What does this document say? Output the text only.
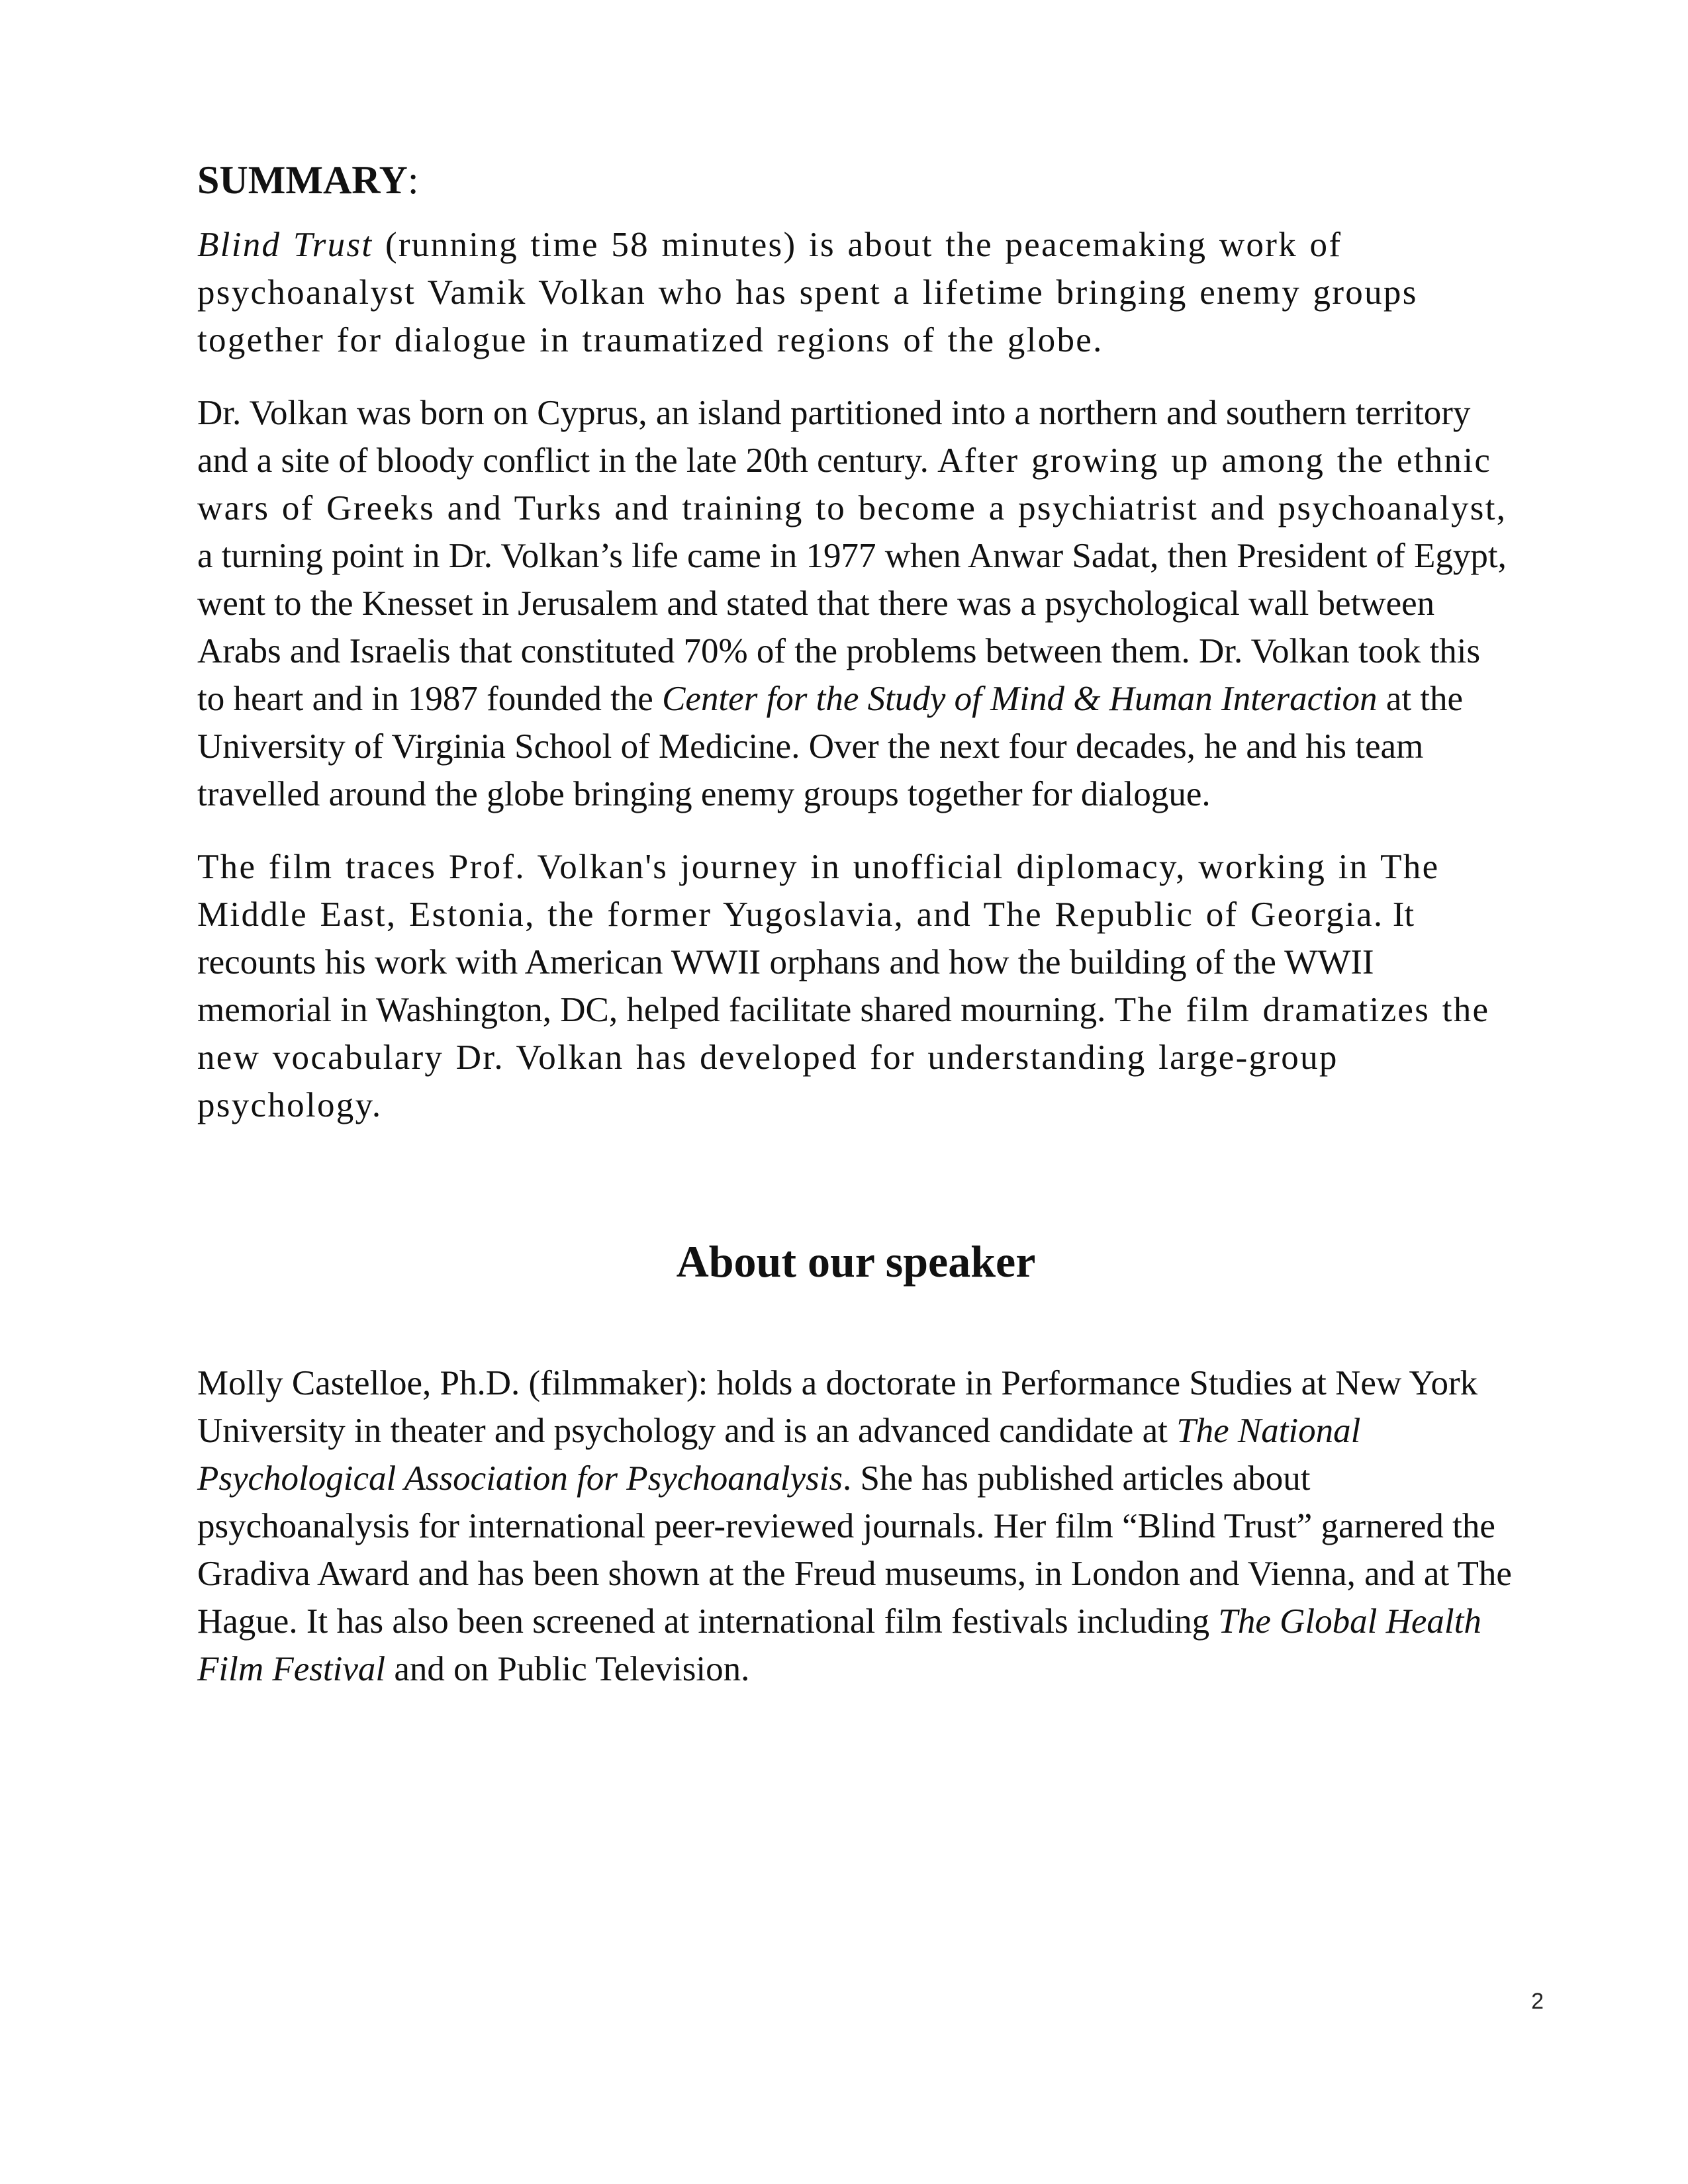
SUMMARY:

Blind Trust (running time 58 minutes) is about the peacemaking work of psychoanalyst Vamik Volkan who has spent a lifetime bringing enemy groups together for dialogue in traumatized regions of the globe.

Dr. Volkan was born on Cyprus, an island partitioned into a northern and southern territory and a site of bloody conflict in the late 20th century. After growing up among the ethnic wars of Greeks and Turks and training to become a psychiatrist and psychoanalyst, a turning point in Dr. Volkan’s life came in 1977 when Anwar Sadat, then President of Egypt, went to the Knesset in Jerusalem and stated that there was a psychological wall between Arabs and Israelis that constituted 70% of the problems between them. Dr. Volkan took this to heart and in 1987 founded the Center for the Study of Mind & Human Interaction at the University of Virginia School of Medicine. Over the next four decades, he and his team travelled around the globe bringing enemy groups together for dialogue.

The film traces Prof. Volkan's journey in unofficial diplomacy, working in The Middle East, Estonia, the former Yugoslavia, and The Republic of Georgia. It recounts his work with American WWII orphans and how the building of the WWII memorial in Washington, DC, helped facilitate shared mourning. The film dramatizes the new vocabulary Dr. Volkan has developed for understanding large-group psychology.

About our speaker

Molly Castelloe, Ph.D. (filmmaker): holds a doctorate in Performance Studies at New York University in theater and psychology and is an advanced candidate at The National Psychological Association for Psychoanalysis. She has published articles about psychoanalysis for international peer-reviewed journals. Her film “Blind Trust” garnered the Gradiva Award and has been shown at the Freud museums, in London and Vienna, and at The Hague. It has also been screened at international film festivals including The Global Health Film Festival and on Public Television.

2
